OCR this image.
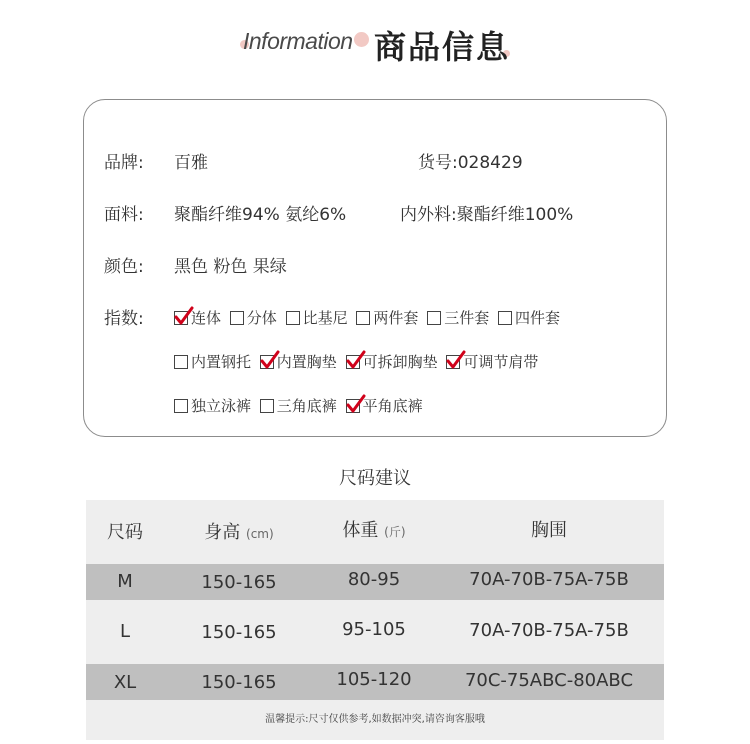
Information 商品信息
品牌: 百雅	货号:028429
面料: 聚酯纤维94% 氨纶6%	内外料:聚酯纤维100%
颜色: 黑色 粉色 果绿
指数:	连体
分体
比基尼
两件套
三件套
四件套
内置钢托
内置胸垫
可拆卸胸垫
可调节肩带
独立泳裤
三角底裤
平角底裤
尺码建议
尺码	身高 (cm)	体重 (斤)	胸围
M	150-165	80-95	70A-70B-75A-75B
L	150-165	95-105	70A-70B-75A-75B
XL	150-165	105-120	70C-75ABC-80ABC
温馨提示:尺寸仅供参考,如数据冲突,请咨询客服哦
